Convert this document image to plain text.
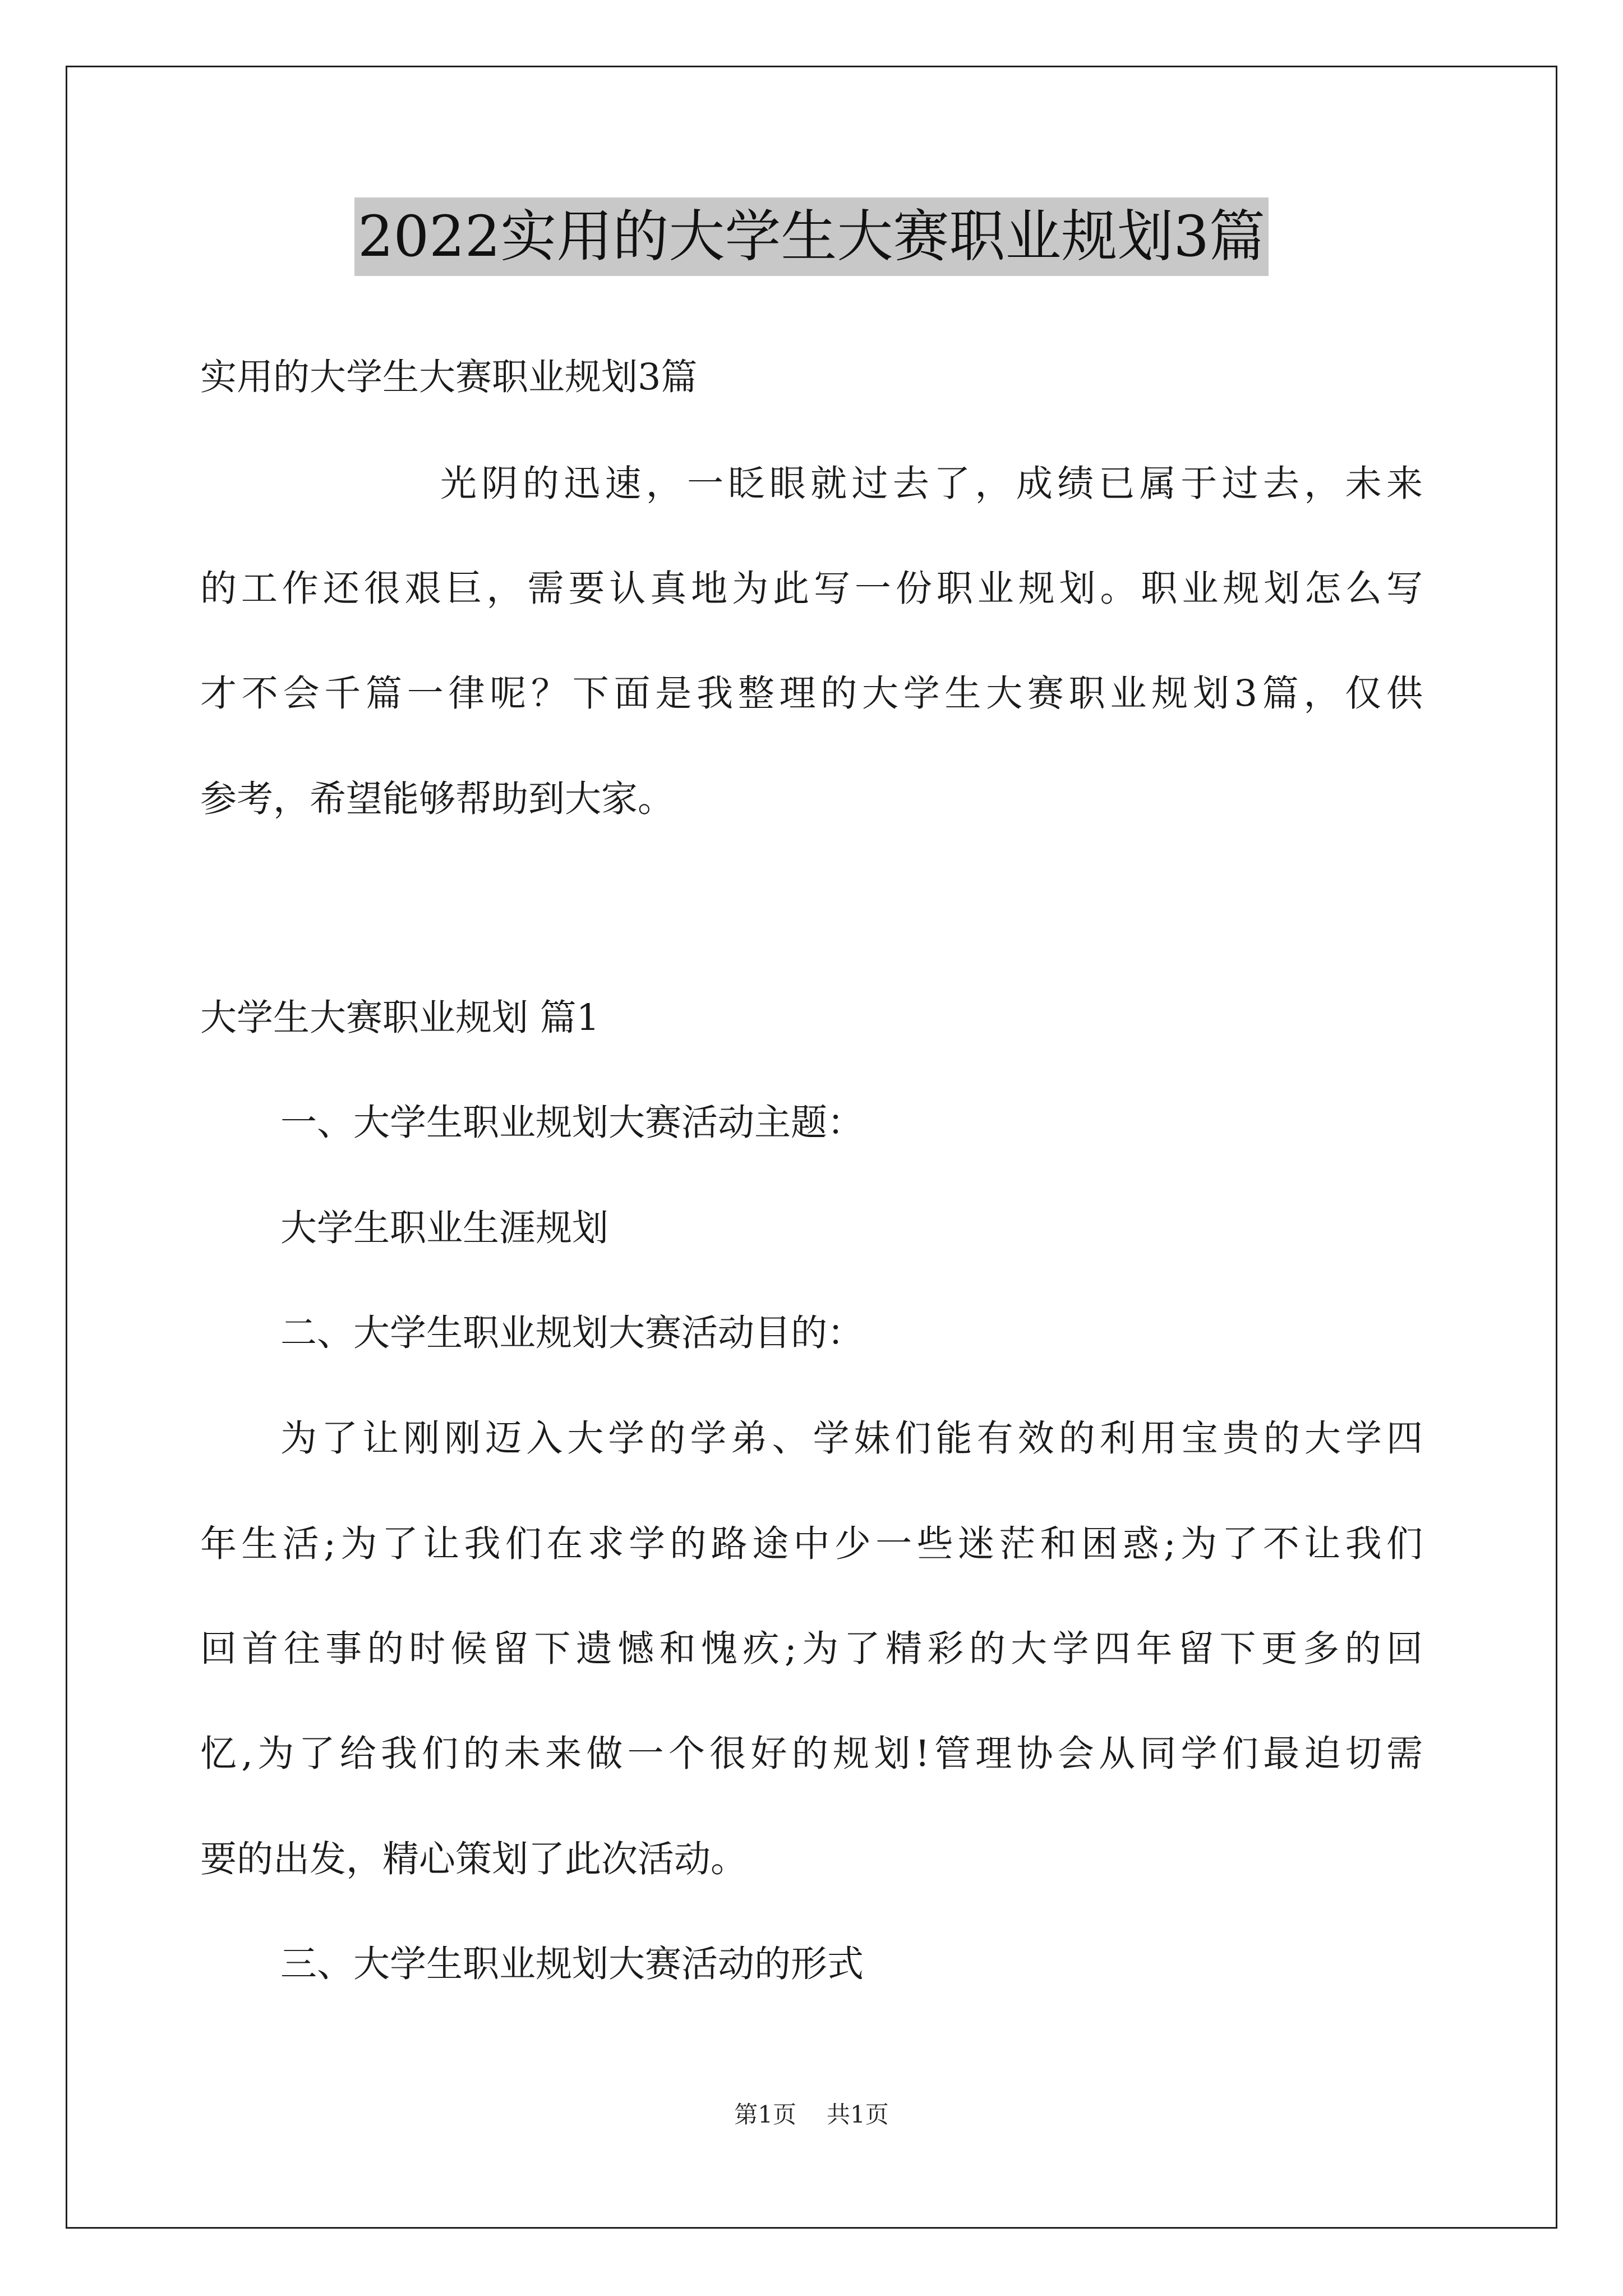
2022实用的大学生大赛职业规划3篇
实用的大学生大赛职业规划3篇
光阴的迅速，一眨眼就过去了，成绩已属于过去，未来
的工作还很艰巨，需要认真地为此写一份职业规划。职业规划怎么写
才不会千篇一律呢？下面是我整理的大学生大赛职业规划3篇，仅供
参考，希望能够帮助到大家。
大学生大赛职业规划 篇1
一、大学生职业规划大赛活动主题：
大学生职业生涯规划
二、大学生职业规划大赛活动目的：
为了让刚刚迈入大学的学弟、学妹们能有效的利用宝贵的大学四
年生活;为了让我们在求学的路途中少一些迷茫和困惑;为了不让我们
回首往事的时候留下遗憾和愧疚;为了精彩的大学四年留下更多的回
忆,为了给我们的未来做一个很好的规划!管理协会从同学们最迫切需
要的出发，精心策划了此次活动。
三、大学生职业规划大赛活动的形式
第1页 共1页
